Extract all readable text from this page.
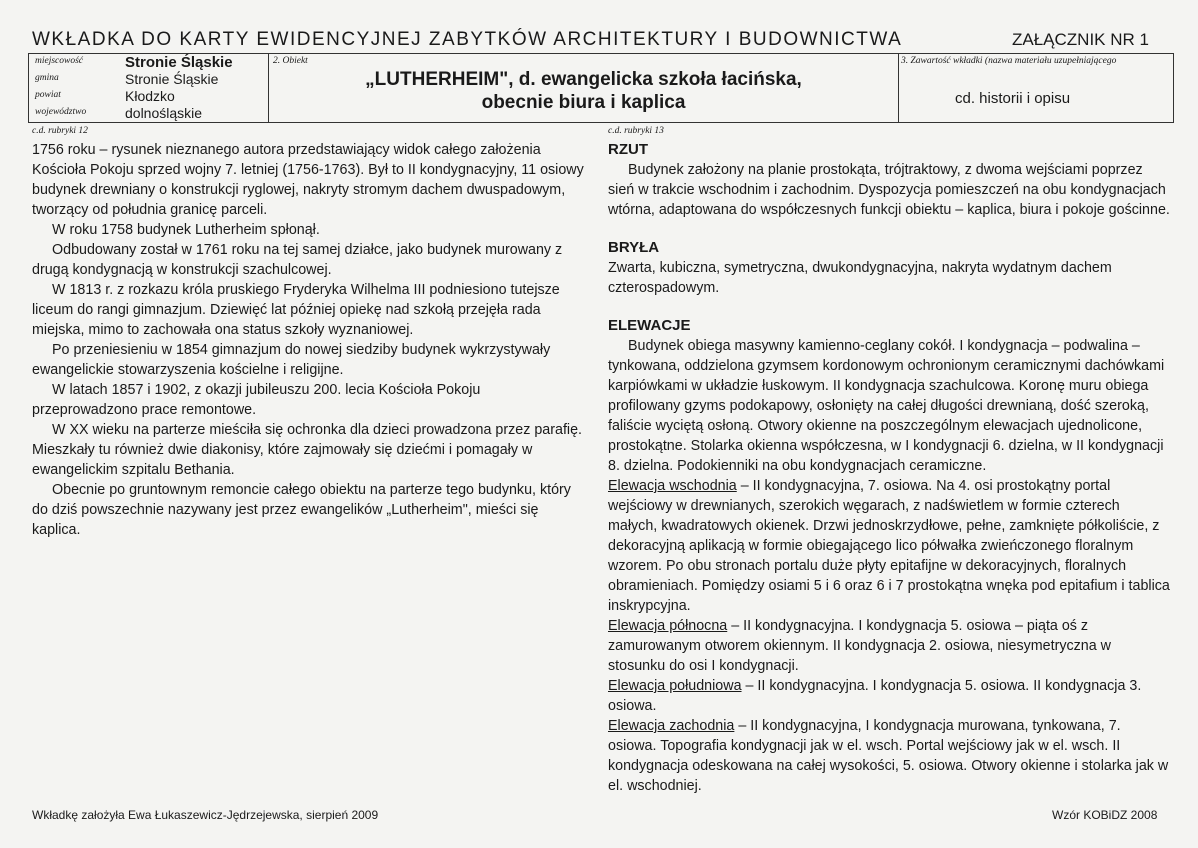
WKŁADKA DO KARTY EWIDENCYJNEJ ZABYTKÓW ARCHITEKTURY I BUDOWNICTWA	ZAŁĄCZNIK NR 1
miejscowość	Stronie Śląskie
gmina	Stronie Śląskie
powiat	Kłodzko
województwo	dolnośląskie
2. Obiekt
„LUTHERHEIM", d. ewangelicka szkoła łacińska,
obecnie biura i kaplica
3. Zawartość wkładki (nazwa materiału uzupełniającego
cd. historii i opisu
c.d. rubryki 12

1756 roku – rysunek nieznanego autora przedstawiający widok całego założenia Kościoła Pokoju sprzed wojny 7. letniej (1756-1763). Był to II kondygnacyjny, 11 osiowy budynek drewniany o konstrukcji ryglowej, nakryty stromym dachem dwuspadowym, tworzący od południa granicę parceli.

W roku 1758 budynek Lutherheim spłonął.

Odbudowany został w 1761 roku na tej samej działce, jako budynek murowany z drugą kondygnacją w konstrukcji szachulcowej.

W 1813 r. z rozkazu króla pruskiego Fryderyka Wilhelma III podniesiono tutejsze liceum do rangi gimnazjum. Dziewięć lat później opiekę nad szkołą przejęła rada miejska, mimo to zachowała ona status szkoły wyznaniowej.

Po przeniesieniu w 1854 gimnazjum do nowej siedziby budynek wykrzystywały ewangelickie stowarzyszenia kościelne i religijne.

W latach 1857 i 1902, z okazji jubileuszu 200. lecia Kościoła Pokoju przeprowadzono prace remontowe.

W XX wieku na parterze mieściła się ochronka dla dzieci prowadzona przez parafię. Mieszkały tu również dwie diakonisy, które zajmowały się dziećmi i pomagały w ewangelickim szpitalu Bethania.

Obecnie po gruntownym remoncie całego obiektu na parterze tego budynku, który do dziś powszechnie nazywany jest przez ewangelików „Lutherheim", mieści się kaplica.

c.d. rubryki 13

RZUT

Budynek założony na planie prostokąta, trójtraktowy, z dwoma wejściami poprzez sień w trakcie wschodnim i zachodnim. Dyspozycja pomieszczeń na obu kondygnacjach wtórna, adaptowana do współczesnych funkcji obiektu – kaplica, biura i pokoje gościnne.

BRYŁA

Zwarta, kubiczna, symetryczna, dwukondygnacyjna, nakryta wydatnym dachem czterospadowym.

ELEWACJE

Budynek obiega masywny kamienno-ceglany cokół. I kondygnacja – podwalina – tynkowana, oddzielona gzymsem kordonowym ochronionym ceramicznymi dachówkami karpiówkami w układzie łuskowym. II kondygnacja szachulcowa. Koronę muru obiega profilowany gzyms podokapowy, osłonięty na całej długości drewnianą, dość szeroką, faliście wyciętą osłoną. Otwory okienne na poszczególnym elewacjach ujednolicone, prostokątne. Stolarka okienna współczesna, w I kondygnacji 6. dzielna, w II kondygnacji 8. dzielna. Podokienniki na obu kondygnacjach ceramiczne.

Elewacja wschodnia – II kondygnacyjna, 7. osiowa. Na 4. osi prostokątny portal wejściowy w drewnianych, szerokich węgarach, z nadświetlem w formie czterech małych, kwadratowych okienek. Drzwi jednoskrzydłowe, pełne, zamknięte półkoliście, z dekoracyjną aplikacją w formie obiegającego lico półwałka zwieńczonego floralnym wzorem. Po obu stronach portalu duże płyty epitafijne w dekoracyjnych, floralnych obramieniach. Pomiędzy osiami 5 i 6 oraz 6 i 7 prostokątna wnęka pod epitafium i tablica inskrypcyjna.

Elewacja północna – II kondygnacyjna. I kondygnacja 5. osiowa – piąta oś z zamurowanym otworem okiennym. II kondygnacja 2. osiowa, niesymetryczna w stosunku do osi I kondygnacji.

Elewacja południowa – II kondygnacyjna. I kondygnacja 5. osiowa. II kondygnacja 3. osiowa.

Elewacja zachodnia – II kondygnacyjna, I kondygnacja murowana, tynkowana, 7. osiowa. Topografia kondygnacji jak w el. wsch. Portal wejściowy jak w el. wsch. II kondygnacja odeskowana na całej wysokości, 5. osiowa. Otwory okienne i stolarka jak w el. wschodniej.

Wkładkę założyła Ewa Łukaszewicz-Jędrzejewska, sierpień 2009	Wzór KOBiDZ 2008
